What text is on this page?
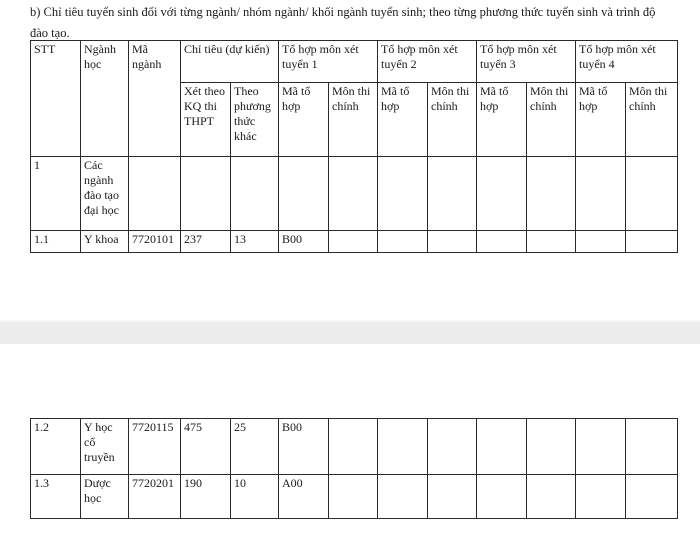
b) Chỉ tiêu tuyển sinh đối với từng ngành/ nhóm ngành/ khối ngành tuyển sinh; theo từng phương thức tuyển sinh và trình độ
đào tạo.
STT	Ngành học	Mã ngành	Chỉ tiêu (dự kiến)		Tổ hợp môn xét tuyển 1		Tổ hợp môn xét tuyển 2		Tổ hợp môn xét tuyển 3		Tổ hợp môn xét tuyển 4	
			Xét theo KQ thi THPT	Theo phương thức khác	Mã tổ hợp	Môn thi chính	Mã tổ hợp	Môn thi chính	Mã tổ hợp	Môn thi chính	Mã tổ hợp	Môn thi chính
1	Các ngành đào tạo đại học											
1.1	Y khoa	7720101	237	13	B00							
1.2	Y học cổ truyền	7720115	475	25	B00							
1.3	Dược học	7720201	190	10	A00							
